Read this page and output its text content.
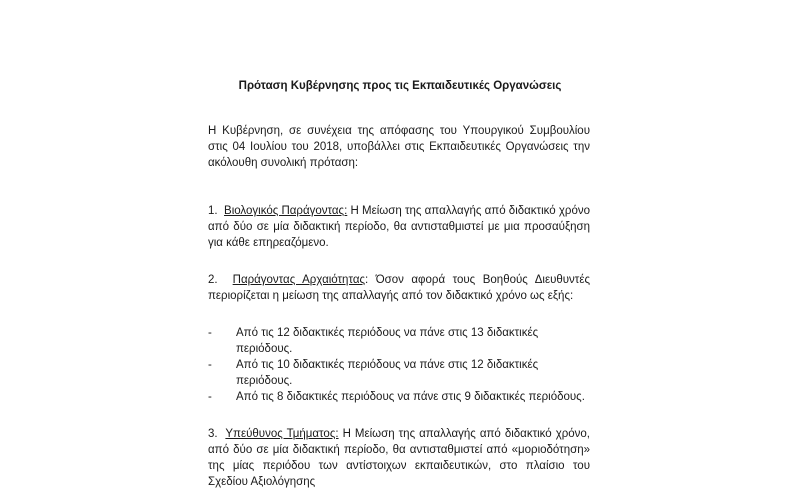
Πρόταση Κυβέρνησης προς τις Εκπαιδευτικές Οργανώσεις

Η Κυβέρνηση, σε συνέχεια της απόφασης του Υπουργικού Συμβουλίου στις 04 Ιουλίου του 2018, υποβάλλει στις Εκπαιδευτικές Οργανώσεις την ακόλουθη συνολική πρόταση:

1. Βιολογικός Παράγοντας: Η Μείωση της απαλλαγής από διδακτικό χρόνο από δύο σε μία διδακτική περίοδο, θα αντισταθμιστεί με μια προσαύξηση για κάθε επηρεαζόμενο.

2. Παράγοντας Αρχαιότητας: Όσον αφορά τους Βοηθούς Διευθυντές περιορίζεται η μείωση της απαλλαγής από τον διδακτικό χρόνο ως εξής:

- Από τις 12 διδακτικές περιόδους να πάνε στις 13 διδακτικές περιόδους.
- Από τις 10 διδακτικές περιόδους να πάνε στις 12 διδακτικές περιόδους.
- Από τις 8 διδακτικές περιόδους να πάνε στις 9 διδακτικές περιόδους.

3. Υπεύθυνος Τμήματος: Η Μείωση της απαλλαγής από διδακτικό χρόνο, από δύο σε μία διδακτική περίοδο, θα αντισταθμιστεί από «μοριοδότηση» της μίας περιόδου των αντίστοιχων εκπαιδευτικών, στο πλαίσιο του Σχεδίου Αξιολόγησης
